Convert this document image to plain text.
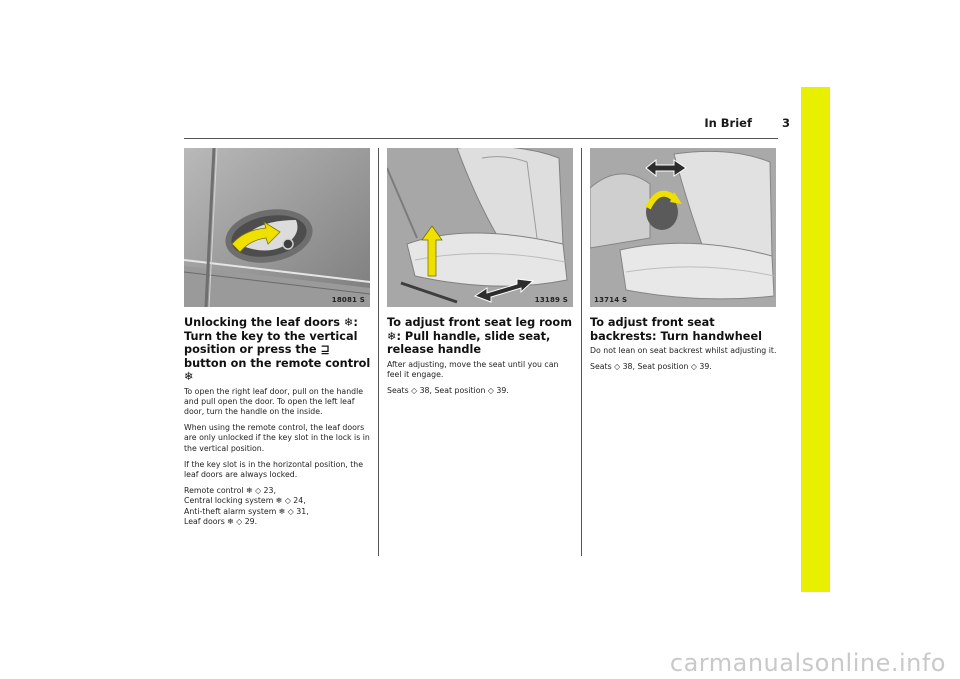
In Brief	3
18081 S	13189 S	13714 S
Unlocking the leaf doors ❄: Turn the key to the vertical position or press the ⊒ button on the remote control ❄

To open the right leaf door, pull on the handle and pull open the door. To open the left leaf door, turn the handle on the inside.

When using the remote control, the leaf doors are only unlocked if the key slot in the lock is in the vertical position.

If the key slot is in the horizontal position, the leaf doors are always locked.

Remote control ❄ ◇ 23,
Central locking system ❄ ◇ 24,
Anti-theft alarm system ❄ ◇ 31,
Leaf doors ❄ ◇ 29.

To adjust front seat leg room ❄: Pull handle, slide seat, release handle

After adjusting, move the seat until you can feel it engage.

Seats ◇ 38, Seat position ◇ 39.

To adjust front seat backrests: Turn handwheel

Do not lean on seat backrest whilst adjusting it.

Seats ◇ 38, Seat position ◇ 39.

carmanualsonline.info
